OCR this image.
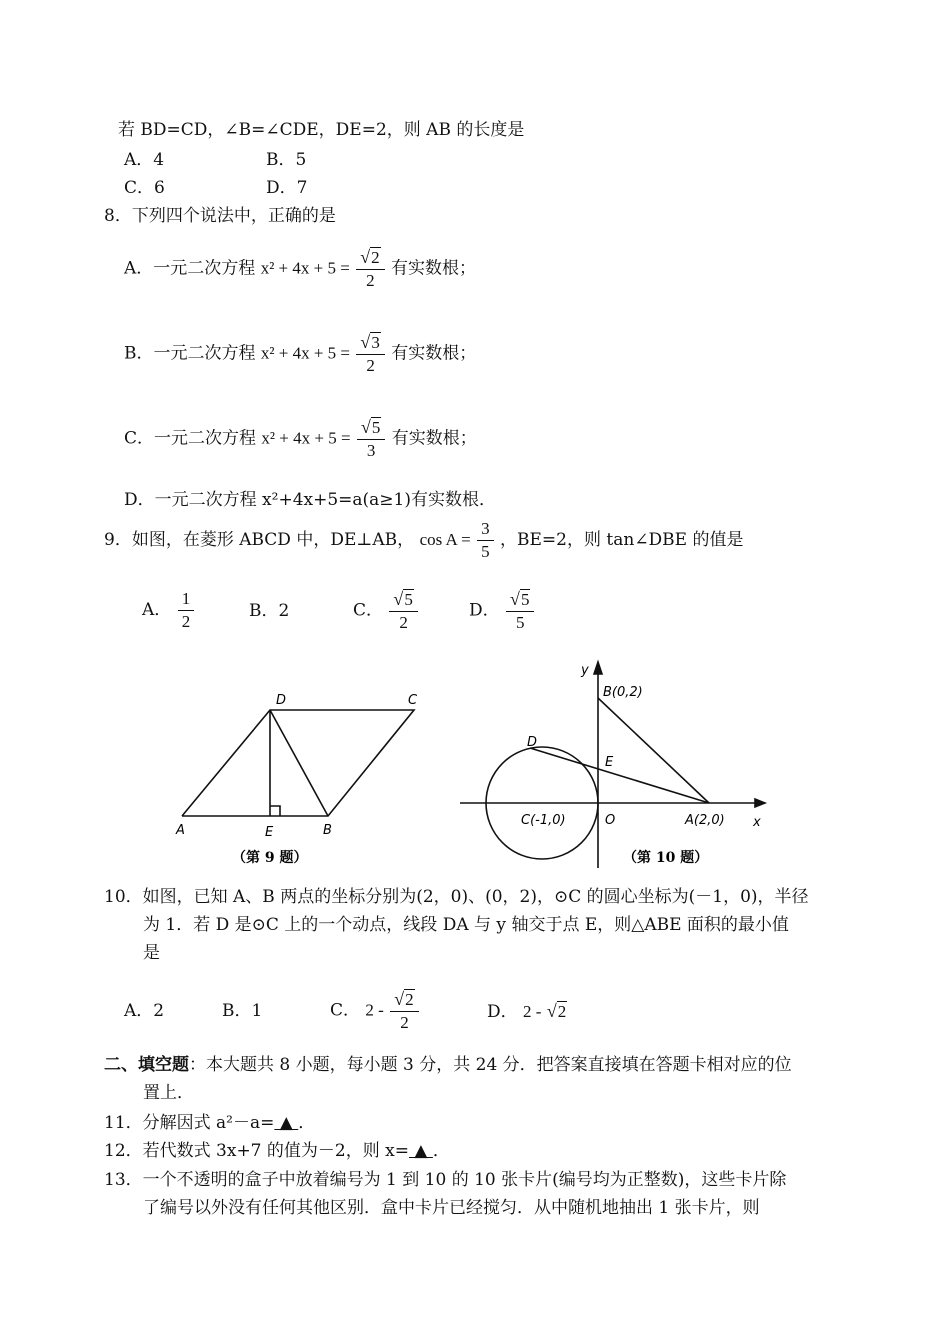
若 BD=CD，∠B=∠CDE，DE=2，则 AB 的长度是
A．4	B．5
C．6	D．7
8．下列四个说法中，正确的是
A．一元二次方程 $x^2 + 4x + 5 = \frac{√ 2}{2}$ 有实数根；
B．一元二次方程 $x^2 + 4x + 5 = \frac{√ 3}{2}$ 有实数根；
C．一元二次方程 $x^2 + 4x + 5 = \frac{√ 5}{3}$ 有实数根；
D．一元二次方程 x²+4x+5=a(a≥1)有实数根．
9．如图，在菱形 ABCD 中，DE⊥AB， $\cos A = \frac{3}{5}$ ，BE=2，则 tan∠DBE 的值是
A． $\frac{1}{2}$	B．2	C． $\frac{√ 5}{2}$	D． $\frac{√ 5}{5}$
A	E	B
D	C
（第 9 题）
y
x
B(0,2)
D
E
C(-1,0)	O	A(2,0)
（第 10 题）
10．如图，已知 A、B 两点的坐标分别为(2，0)、(0，2)，⊙C 的圆心坐标为(－1，0)，半径
为 1．若 D 是⊙C 上的一个动点，线段 DA 与 y 轴交于点 E，则△ABE 面积的最小值
是
A．2	B．1	C． $2 - \frac{√ 2}{2}$	D． 2 - √ 2
二、填空题：本大题共 8 小题，每小题 3 分，共 24 分．把答案直接填在答题卡相对应的位
置上．
11．分解因式 a²－a= ▲ ．
12．若代数式 3x+7 的值为－2，则 x= ▲ ．
13．一个不透明的盒子中放着编号为 1 到 10 的 10 张卡片(编号均为正整数)，这些卡片除
了编号以外没有任何其他区别．盒中卡片已经搅匀．从中随机地抽出 1 张卡片，则
